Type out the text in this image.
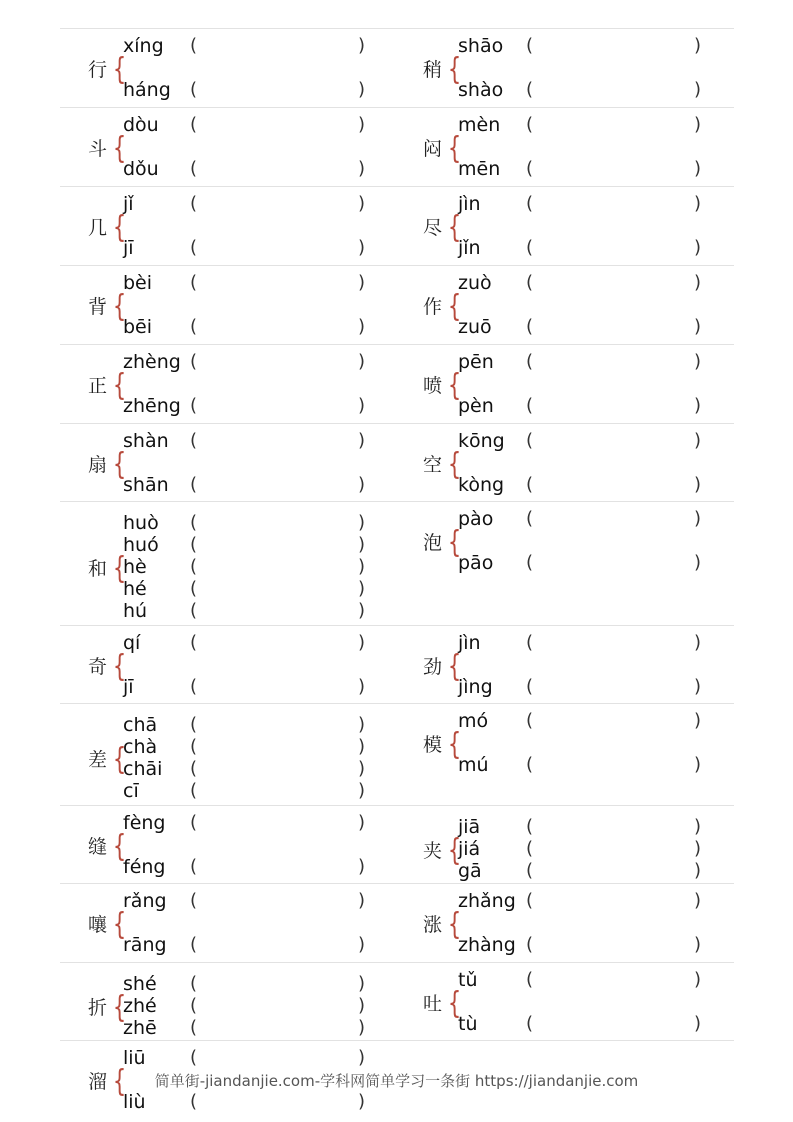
行 {
xíng (	)
háng (	)
稍 {
shāo (	)
shào (	)
斗 {
dòu (	)
dǒu (	)
闷 {
mèn (	)
mēn (	)
几 {
jǐ	(	)
jī	(	)
尽 {
jìn	(	)
jǐn	(	)
背 {
bèi (	)
bēi (	)
作 {
zuò (	)
zuō (	)
正 {
zhèng (	)
zhēng (	)
喷 {
pēn (	)
pèn (	)
扇 {
shàn (	)
shān (	)
空 {
kōng (	)
kòng (	)
和 {
huò (	)
huó (	)
hè (	)
hé (	)
hú (	)
泡 {
pào (	)
pāo (	)
奇 {
qí	(	)
jī	(	)
劲 {
jìn	(	)
jìng (	)
差 {
chā (	)
chà (	)
chāi (	)
cī	(	)
模 {
mó (	)
mú (	)
缝 {
fèng (	)
féng (	)
夹 {
jiā	(	)
jiá	(	)
gā (	)
嚷 {
rǎng (	)
rāng (	)
涨 {
zhǎng (	)
zhàng (	)
折 {
shé (	)
zhé (	)
zhē (	)
吐 {
tǔ	(	)
tù	(	)
溜 {
liū (	)
liù (	)
简单街-jiandanjie.com-学科网简单学习一条街 https://jiandanjie.com
